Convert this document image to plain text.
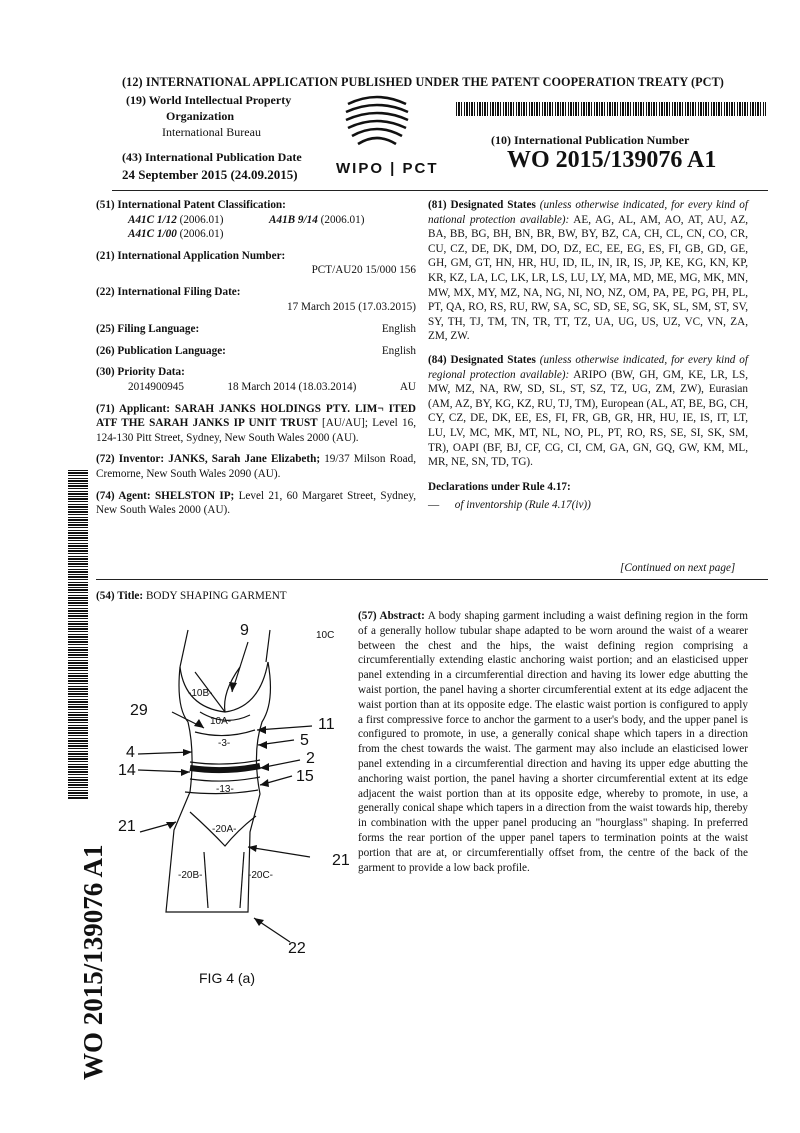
(12) INTERNATIONAL APPLICATION PUBLISHED UNDER THE PATENT COOPERATION TREATY (PCT)
(19) World Intellectual Property
Organization
International Bureau
(43) International Publication Date
24 September 2015 (24.09.2015)	WIPO | PCT
(10) International Publication Number
WO 2015/139076 A1
(51) International Patent Classification:
A41C 1/12 (2006.01)	A41B 9/14 (2006.01)
A41C 1/00 (2006.01)
(21) International Application Number:
PCT/AU20 15/000 156
(22) International Filing Date:
17 March 2015 (17.03.2015)
(25) Filing Language:	English
(26) Publication Language:	English
(30) Priority Data:
2014900945	18 March 2014 (18.03.2014)	AU
(71) Applicant: SARAH JANKS HOLDINGS PTY. LIM¬ ITED ATF THE SARAH JANKS IP UNIT TRUST [AU/AU]; Level 16, 124-130 Pitt Street, Sydney, New South Wales 2000 (AU).
(72) Inventor: JANKS, Sarah Jane Elizabeth; 19/37 Milson Road, Cremorne, New South Wales 2090 (AU).
(74) Agent: SHELSTON IP; Level 21, 60 Margaret Street, Sydney, New South Wales 2000 (AU).
(81) Designated States (unless otherwise indicated, for every kind of national protection available): AE, AG, AL, AM, AO, AT, AU, AZ, BA, BB, BG, BH, BN, BR, BW, BY, BZ, CA, CH, CL, CN, CO, CR, CU, CZ, DE, DK, DM, DO, DZ, EC, EE, EG, ES, FI, GB, GD, GE, GH, GM, GT, HN, HR, HU, ID, IL, IN, IR, IS, JP, KE, KG, KN, KP, KR, KZ, LA, LC, LK, LR, LS, LU, LY, MA, MD, ME, MG, MK, MN, MW, MX, MY, MZ, NA, NG, NI, NO, NZ, OM, PA, PE, PG, PH, PL, PT, QA, RO, RS, RU, RW, SA, SC, SD, SE, SG, SK, SL, SM, ST, SV, SY, TH, TJ, TM, TN, TR, TT, TZ, UA, UG, US, UZ, VC, VN, ZA, ZM, ZW.
(84) Designated States (unless otherwise indicated, for every kind of regional protection available): ARIPO (BW, GH, GM, KE, LR, LS, MW, MZ, NA, RW, SD, SL, ST, SZ, TZ, UG, ZM, ZW), Eurasian (AM, AZ, BY, KG, KZ, RU, TJ, TM), European (AL, AT, BE, BG, CH, CY, CZ, DE, DK, EE, ES, FI, FR, GB, GR, HR, HU, IE, IS, IT, LT, LU, LV, MC, MK, MT, NL, NO, PL, PT, RO, RS, SE, SI, SK, SM, TR), OAPI (BF, BJ, CF, CG, CI, CM, GA, GN, GQ, GW, KM, ML, MR, NE, SN, TD, TG).
Declarations under Rule 4.17:
— of inventorship (Rule 4.17(iv))
[Continued on next page]
(54) Title: BODY SHAPING GARMENT
(57) Abstract: A body shaping garment including a waist defining region in the form of a generally hollow tubular shape adapted to be worn around the waist of a wearer between the chest and the hips, the waist defining region comprising a circumferentially extending elastic anchoring waist portion; and an elasticised upper panel extending in a circumferential direction and having its lower edge abutting the waist portion, the panel having a shorter circumferential extent at its edge adjacent the waist portion than at its opposite edge. The elastic waist portion is configured to apply a first compressive force to anchor the garment to a user's body, and the upper panel is configured to promote, in use, a generally conical shape which tapers in a direction from the chest towards the waist. The garment may also include an elasticised lower panel extending in a circumferential direction and having its upper edge abutting the anchoring waist portion, the panel having a shorter circumferential extent at its edge adjacent the waist portion than at its opposite edge, whereby to promote, in use, a generally conical shape which tapers in a direction from the waist towards hip, thereby in combination with the upper panel producing an "hourglass" shaping. In preferred forms the rear portion of the upper panel tapers to termination points at the waist portion that are at, or circumferentially offset from, the centre of the back of the garment to provide a low back profile.
9	10C
-10B-
29
10A-	11
-3-	5
4	2
14
-13-
15
-20A-
21
-20B-	-20C-
21
22
FIG 4 (a)
WO 2015/139076 A1
